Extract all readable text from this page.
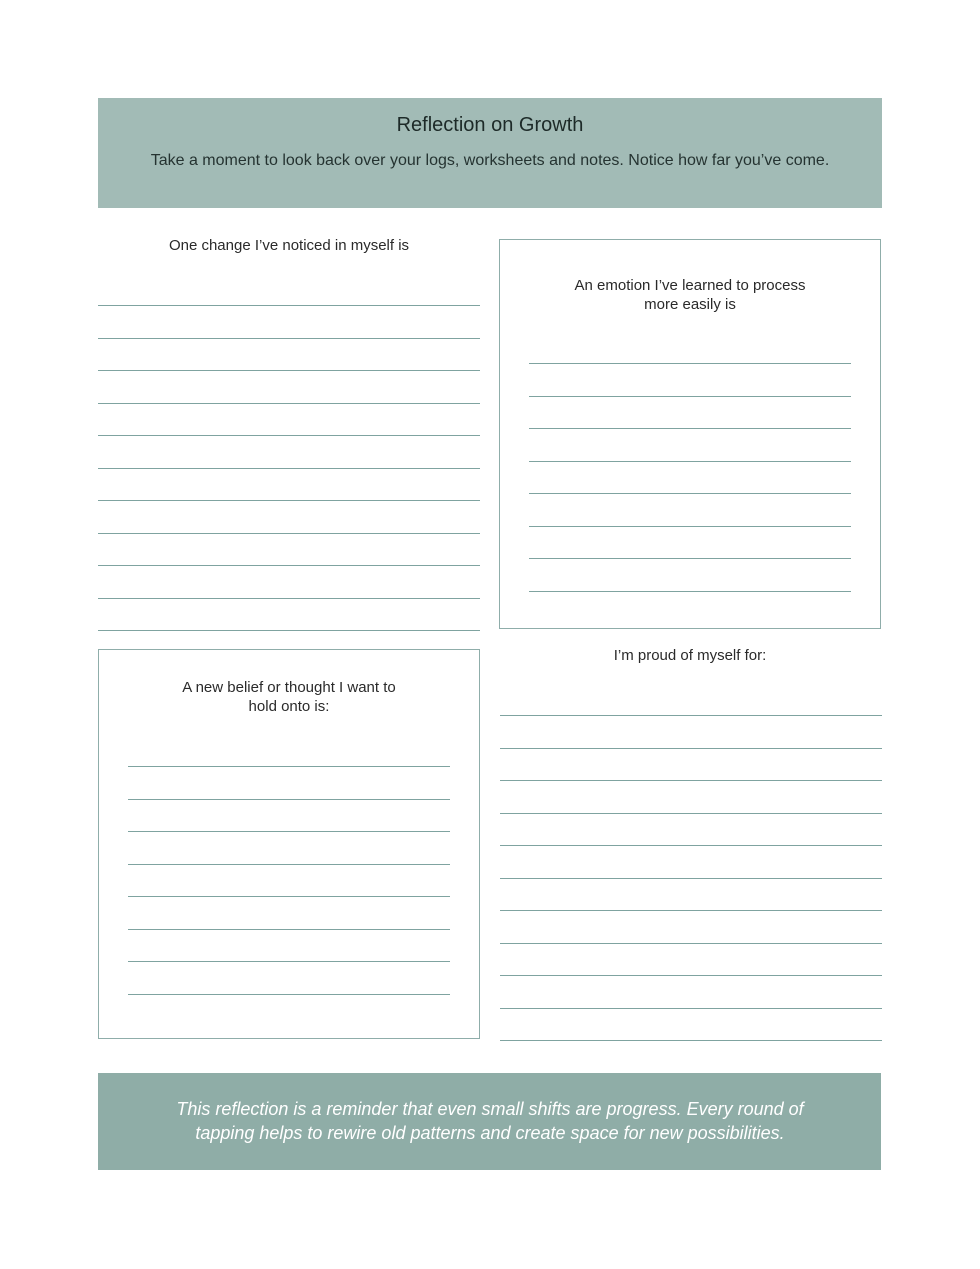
Reflection on Growth

Take a moment to look back over your logs, worksheets and notes. Notice how far you’ve come.

One change I’ve noticed in myself is

An emotion I’ve learned to process
more easily is

A new belief or thought I want to
hold onto is:

I’m proud of myself for:

This reflection is a reminder that even small shifts are progress. Every round of
tapping helps to rewire old patterns and create space for new possibilities.
